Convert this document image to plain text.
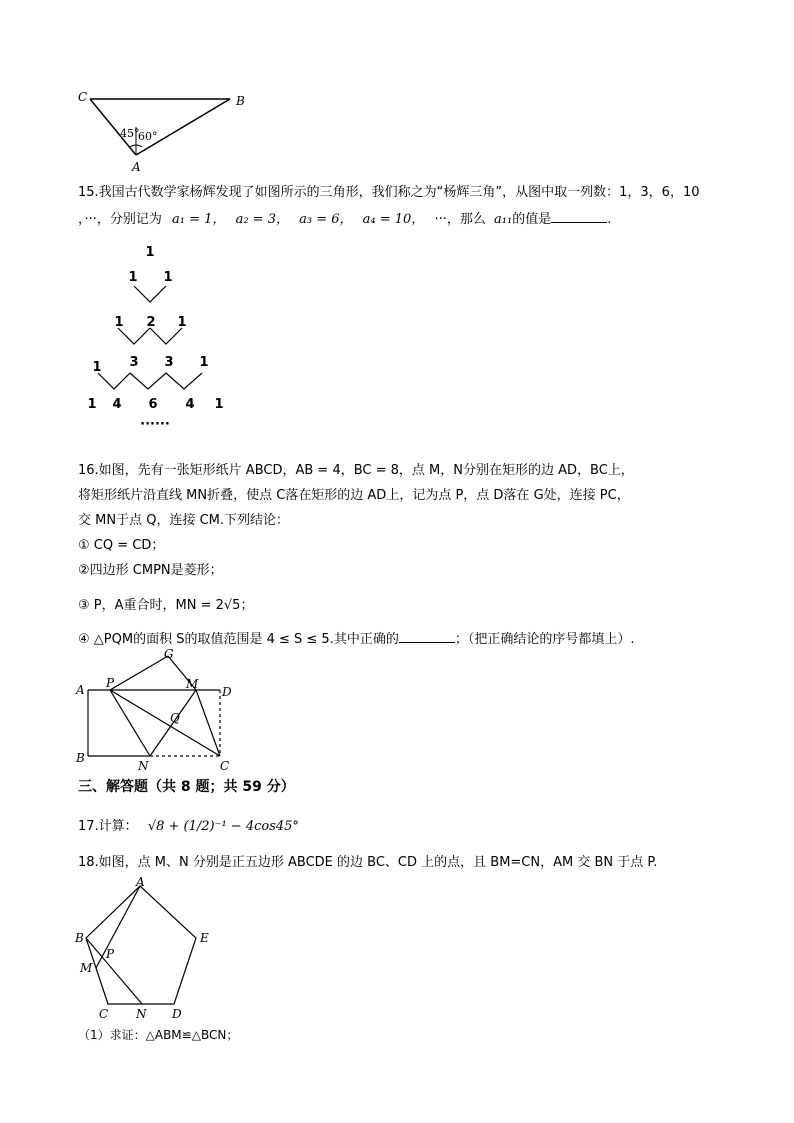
C	B
A
45°
60°
15.我国古代数学家杨辉发现了如图所示的三角形，我们称之为“杨辉三角”，从图中取一列数：1，3，6，10
，···，分别记为 a₁ = 1， a₂ = 3， a₃ = 6， a₄ = 10， ···，那么 a₁₁的值是	.
1
1 1
1 2 1
1 3 3 1
1 4 6 4 1
······
16.如图，先有一张矩形纸片 ABCD，AB = 4，BC = 8，点 M，N分别在矩形的边 AD，BC上，
将矩形纸片沿直线 MN折叠，使点 C落在矩形的边 AD上，记为点 P，点 D落在 G处，连接 PC，
交 MN于点 Q，连接 CM.下列结论：
① CQ = CD；
②四边形 CMPN是菱形；
③ P，A重合时，MN = 2√5；
④ △PQM的面积 S的取值范围是 4 ≤ S ≤ 5.其中正确的	；（把正确结论的序号都填上）.
A
B
C
D
G
M
N
P
Q
三、解答题（共 8 题；共 59 分）
17.计算： √8 + (1/2)⁻¹ − 4cos45°
18.如图，点 M、N 分别是正五边形 ABCDE 的边 BC、CD 上的点，且 BM=CN，AM 交 BN 于点 P.
A
B
C	D
E
M
N
P
（1）求证：△ABM≌△BCN；
